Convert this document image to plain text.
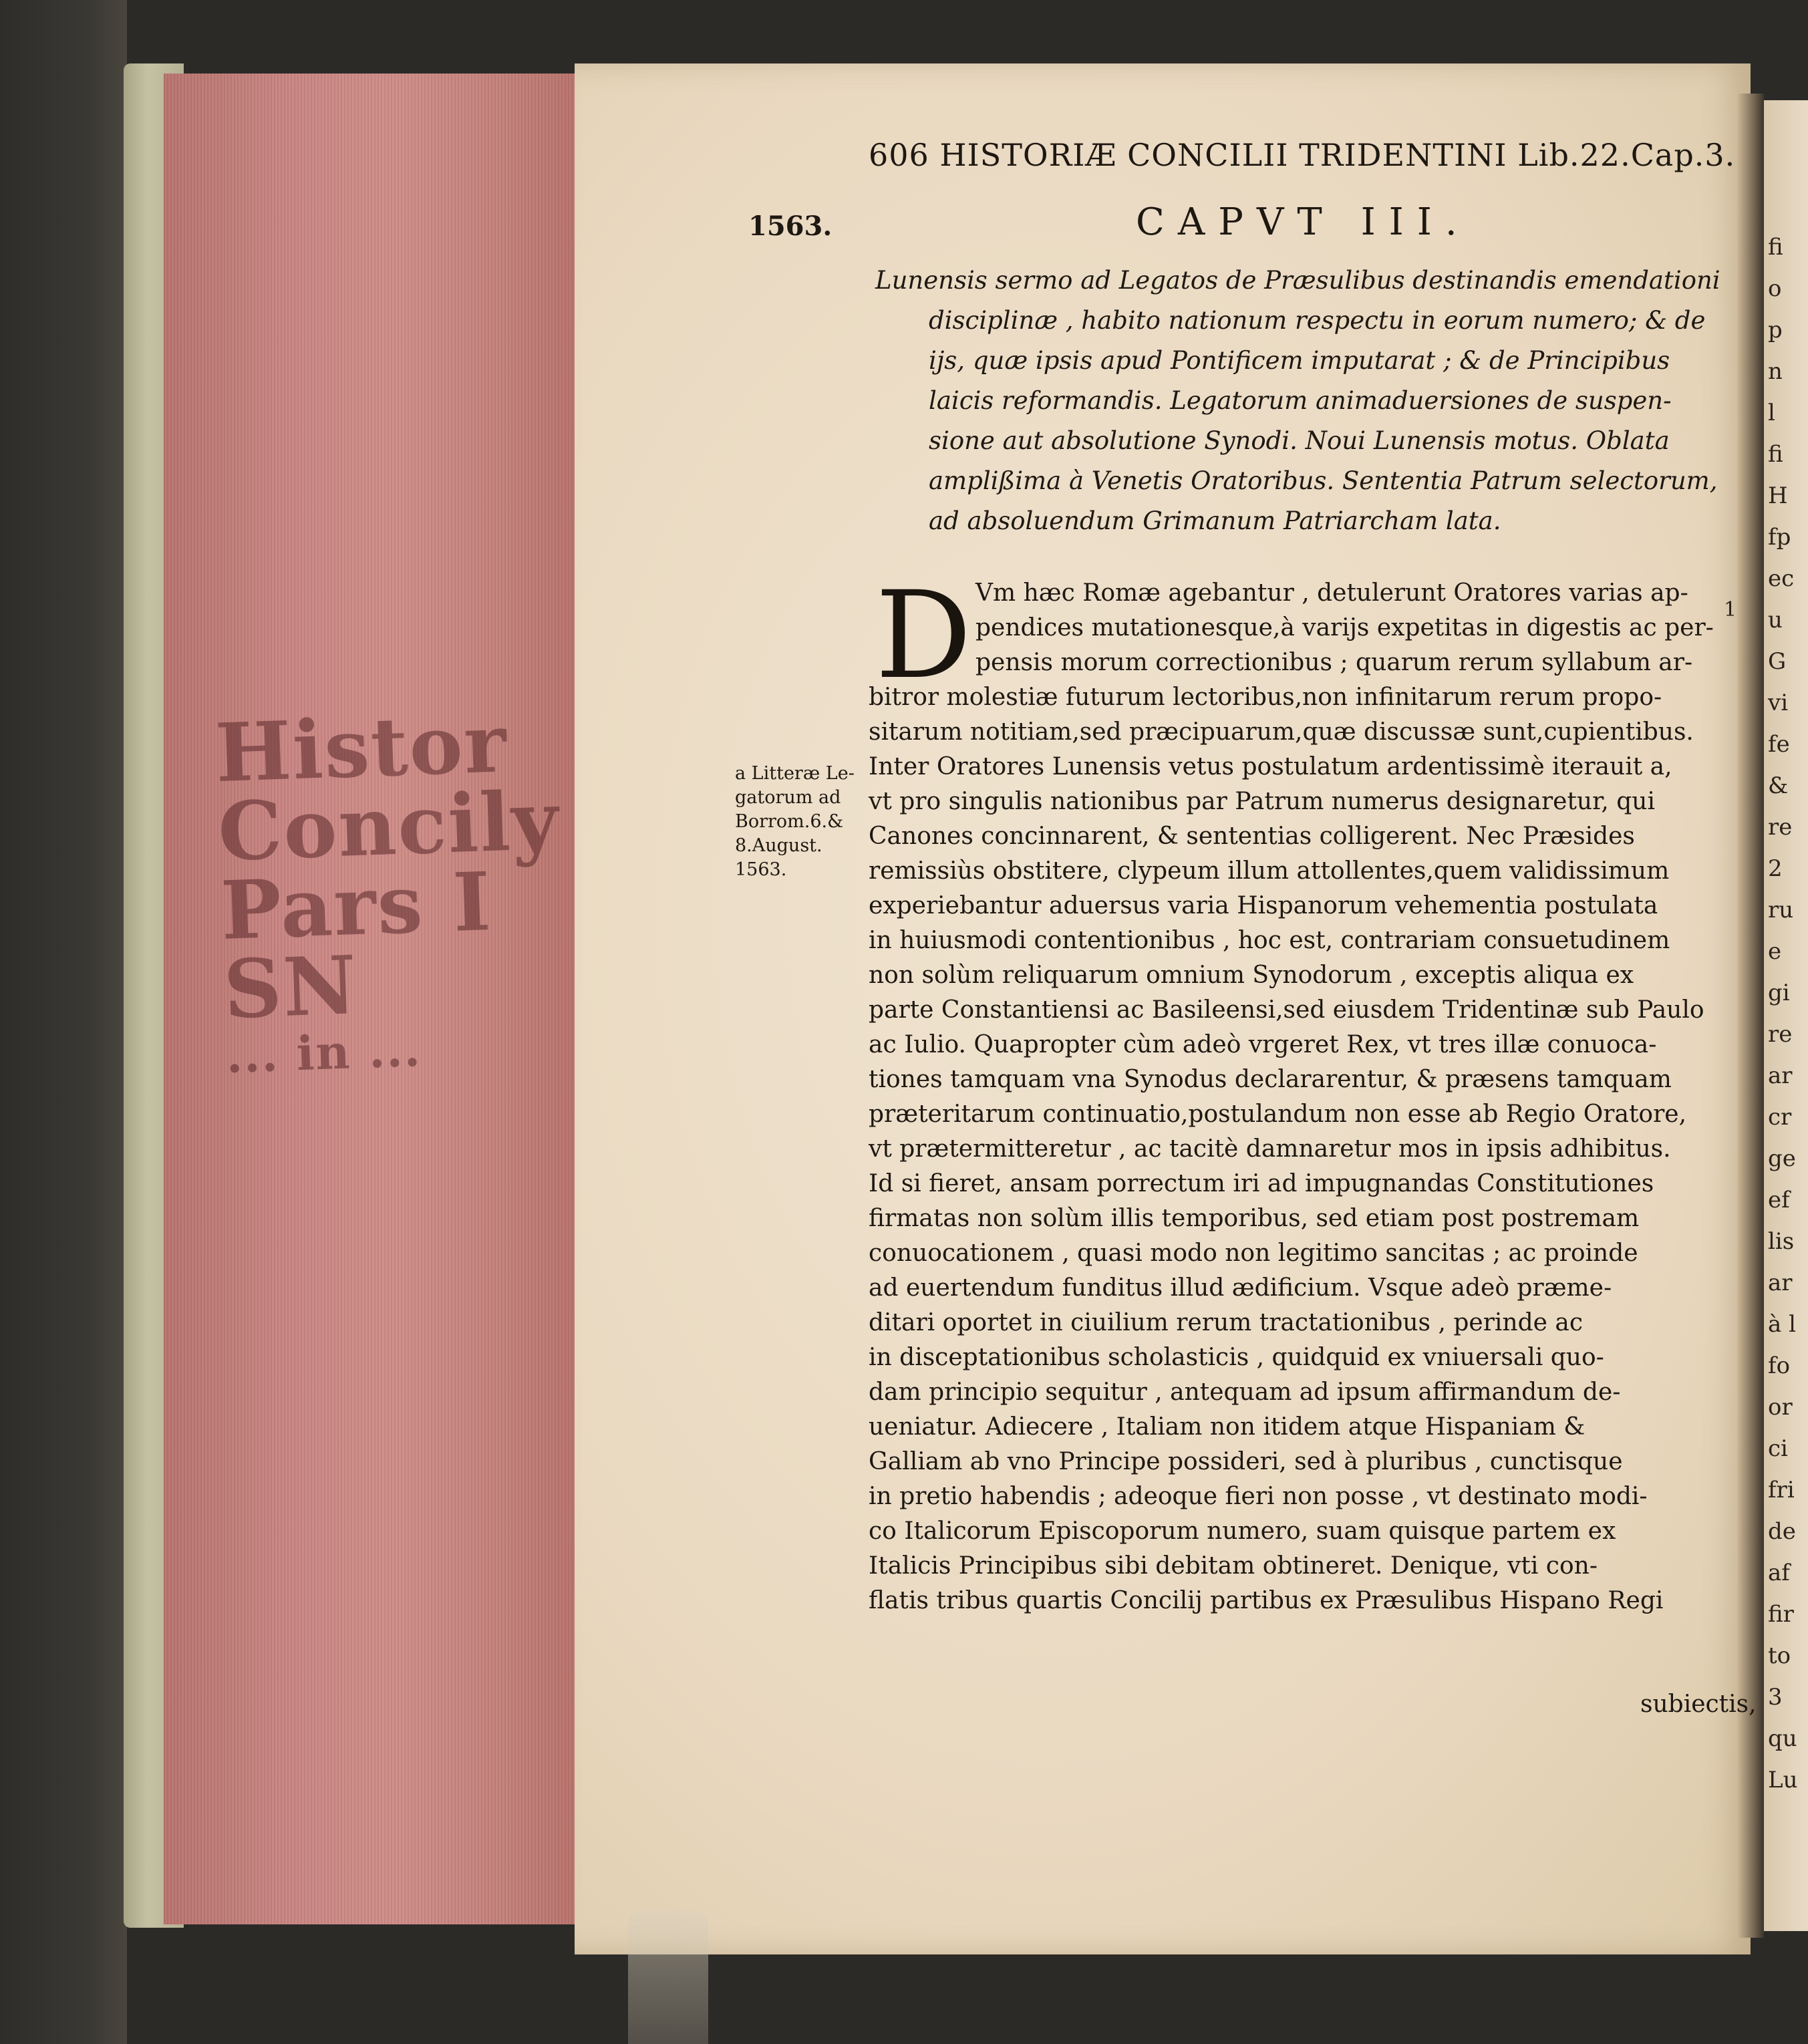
Histor
Concily
Pars I
SN
... in ...
fi
o
p
n
l
fi
H
fp
ec
u
G
vi
fe
&
re
2
ru
e
gi
re
ar
cr
ge
ef
lis
ar
à l
fo
or
ci
fri
de
af
fir
to
3
qu
Lu
606 HISTORIÆ CONCILII TRIDENTINI Lib.22.Cap.3.
1563.	CAPVT III.
Lunensis sermo ad Legatos de Præsulibus destinandis emendationi
disciplinæ , habito nationum respectu in eorum numero; & de
ijs, quæ ipsis apud Pontificem imputarat ; & de Principibus
laicis reformandis. Legatorum animaduersiones de suspen-
sione aut absolutione Synodi. Noui Lunensis motus. Oblata
amplißima à Venetis Oratoribus. Sententia Patrum selectorum,
ad absoluendum Grimanum Patriarcham lata.
D Vm hæc Romæ agebantur , detulerunt Oratores varias ap-
pendices mutationesque,à varijs expetitas in digestis ac per-
pensis morum correctionibus ; quarum rerum syllabum ar-
bitror molestiæ futurum lectoribus,non infinitarum rerum propo-
sitarum notitiam,sed præcipuarum,quæ discussæ sunt,cupientibus.
Inter Oratores Lunensis vetus postulatum ardentissimè iterauit a,
vt pro singulis nationibus par Patrum numerus designaretur, qui
Canones concinnarent, & sententias colligerent. Nec Præsides
remissiùs obstitere, clypeum illum attollentes,quem validissimum
experiebantur aduersus varia Hispanorum vehementia postulata
in huiusmodi contentionibus , hoc est, contrariam consuetudinem
non solùm reliquarum omnium Synodorum , exceptis aliqua ex
parte Constantiensi ac Basileensi,sed eiusdem Tridentinæ sub Paulo
ac Iulio. Quapropter cùm adeò vrgeret Rex, vt tres illæ conuoca-
tiones tamquam vna Synodus declararentur, & præsens tamquam
præteritarum continuatio,postulandum non esse ab Regio Oratore,
vt prætermitteretur , ac tacitè damnaretur mos in ipsis adhibitus.
Id si fieret, ansam porrectum iri ad impugnandas Constitutiones
firmatas non solùm illis temporibus, sed etiam post postremam
conuocationem , quasi modo non legitimo sancitas ; ac proinde
ad euertendum funditus illud ædificium. Vsque adeò præme-
ditari oportet in ciuilium rerum tractationibus , perinde ac
in disceptationibus scholasticis , quidquid ex vniuersali quo-
dam principio sequitur , antequam ad ipsum affirmandum de-
ueniatur. Adiecere , Italiam non itidem atque Hispaniam &
Galliam ab vno Principe possideri, sed à pluribus , cunctisque
in pretio habendis ; adeoque fieri non posse , vt destinato modi-
co Italicorum Episcoporum numero, suam quisque partem ex
Italicis Principibus sibi debitam obtineret. Denique, vti con-
flatis tribus quartis Concilij partibus ex Præsulibus Hispano Regi
a Litteræ Le-
gatorum ad
Borrom.6.&
8.August.
1563.
1
subiectis,
